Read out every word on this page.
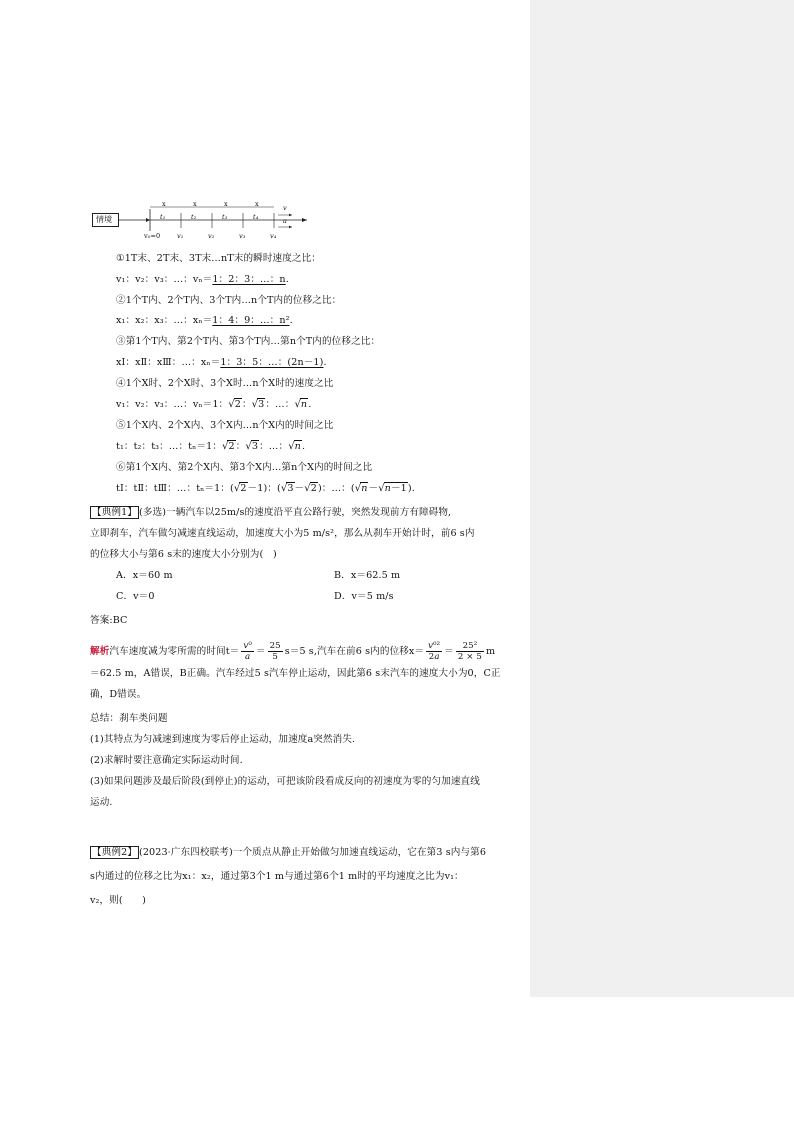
情境
x	x	x	x
t₁	t₂	t₃	t₄
v
a
v₀=0	v₁	v₂	v₃	v₄
①1T末、2T末、3T末…nT末的瞬时速度之比：
v₁：v₂：v₃：…：vₙ＝1：2：3：…：n.
②1个T内、2个T内、3个T内…n个T内的位移之比：
x₁：x₂：x₃：…：xₙ＝1：4：9：…：n².
③第1个T内、第2个T内、第3个T内…第n个T内的位移之比：
xⅠ：xⅡ：xⅢ：…：xₙ＝1：3：5：…：(2n－1).
④1个X时、2个X时、3个X时…n个X时的速度之比
v₁：v₂：v₃：…：vₙ＝1：√2：√3：…：√n.
⑤1个X内、2个X内、3个X内…n个X内的时间之比
t₁：t₂：t₃：…：tₙ＝1：√2：√3：…：√n.
⑥第1个X内、第2个X内、第3个X内…第n个X内的时间之比
tⅠ：tⅡ：tⅢ：…：tₙ＝1：(√2－1)：(√3－√2)：…：(√n－√n－1).
【典例1】 (多选)一辆汽车以25m/s的速度沿平直公路行驶，突然发现前方有障碍物,
立即刹车，汽车做匀减速直线运动，加速度大小为5 m/s²，那么从刹车开始计时，前6 s内
的位移大小与第6 s末的速度大小分别为(　)
A．x＝60 m	B．x＝62.5 m
C．v＝0	D．v＝5 m/s
答案:BC
解析汽车速度减为零所需的时间$t= \frac{\text{v⁰}}{a} = \frac{25}{5} s=5$ s,汽车在前6 s内的位移$x= \frac{\text{v⁰²}}{2a} = \frac{\text{25²}}{2 \times 5}$ m
＝62.5 m，A错误，B正确。汽车经过5 s汽车停止运动，因此第6 s末汽车的速度大小为0，C正
确，D错误。
总结：刹车类问题
(1)其特点为匀减速到速度为零后停止运动，加速度a突然消失.
(2)求解时要注意确定实际运动时间.
(3)如果问题涉及最后阶段(到停止)的运动，可把该阶段看成反向的初速度为零的匀加速直线
运动.
【典例2】 (2023·广东四校联考)一个质点从静止开始做匀加速直线运动，它在第3 s内与第6
s内通过的位移之比为x₁：x₂，通过第3个1 m与通过第6个1 m时的平均速度之比为v₁：
v₂，则(　　)
